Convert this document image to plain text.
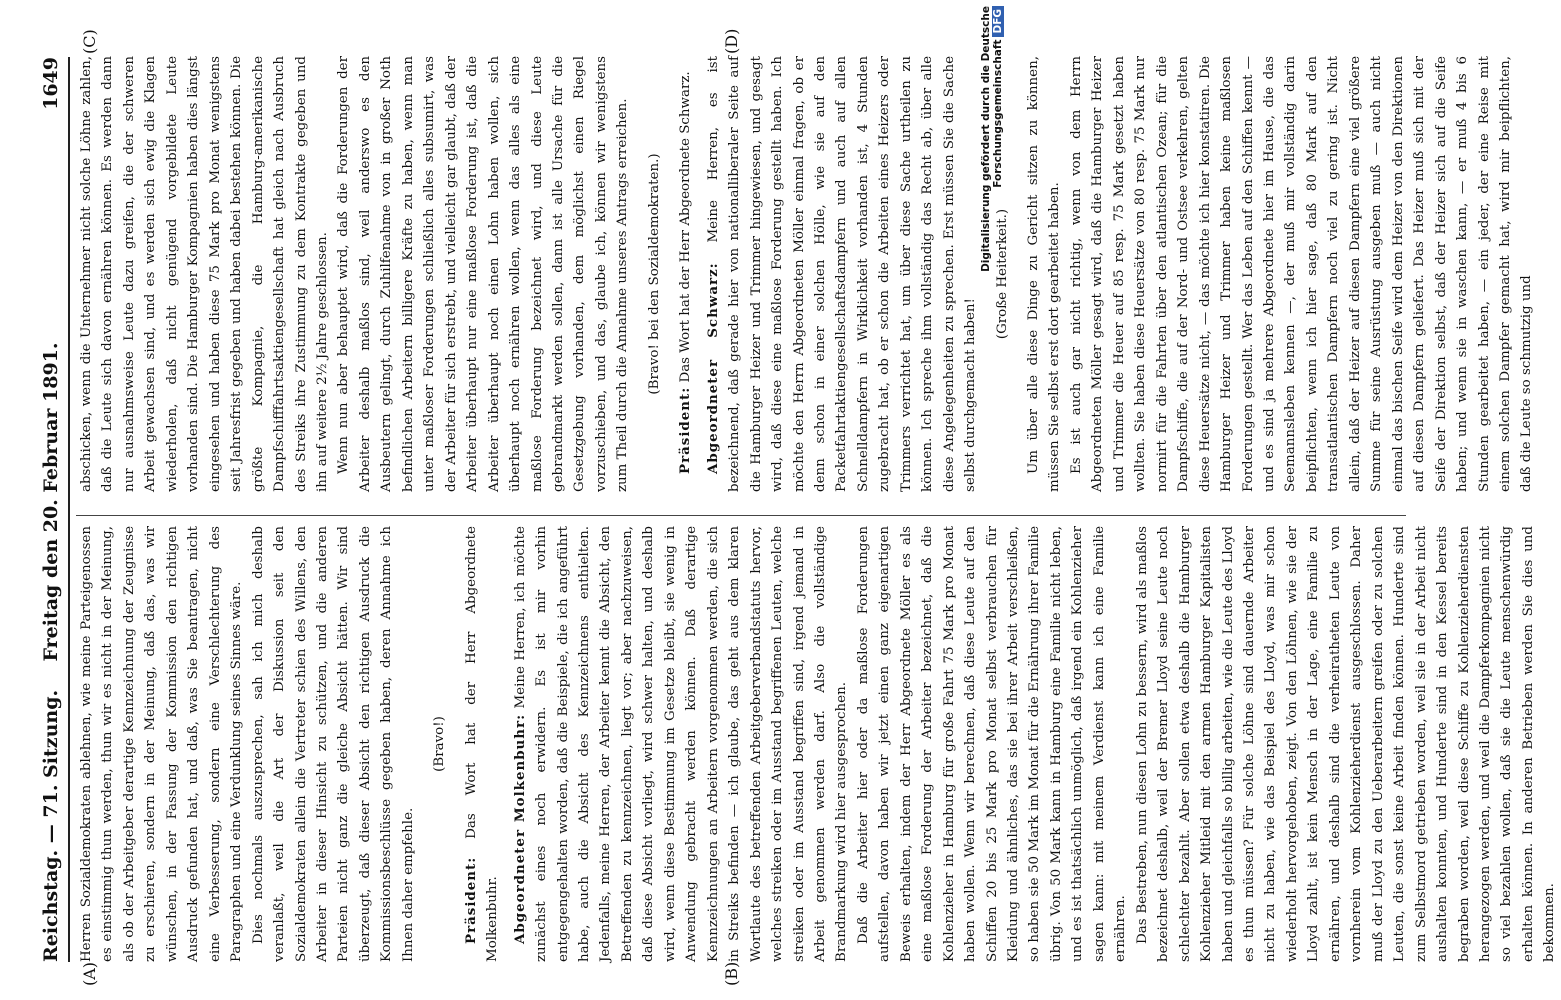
Reichstag. — 71. Sitzung.
Freitag den 20. Februar 1891.
1649
(A)	(B)
(C)	(D)

Herren Sozialdemokraten ablehnen, wie meine Parteigenossen es einstimmig thun werden, thun wir es nicht in der Meinung, als ob der Arbeitgeber derartige Kennzeichnung der Zeugnisse zu erschieren, sondern in der Meinung, daß das, was wir wünschen, in der Fassung der Kommission den richtigen Ausdruck gefunden hat, und daß, was Sie beantragen, nicht eine Verbesserung, sondern eine Verschlechterung des Paragraphen und eine Verdunklung seines Sinnes wäre. Dies nochmals auszusprechen, sah ich mich deshalb veranlaßt, weil die Art der Diskussion seit den Sozialdemokraten allein die Vertreter schien des Willens, den Arbeiter in dieser Hinsicht zu schützen, und die anderen Parteien nicht ganz die gleiche Absicht hätten. Wir sind überzeugt, daß dieser Absicht den richtigen Ausdruck die Kommissionsbeschlüsse gegeben haben, deren Annahme ich Ihnen daher empfehle.

(Bravo!)

Präsident: Das Wort hat der Herr Abgeordnete Molkenbuhr. Abgeordneter Molkenbuhr: Meine Herren, ich möchte zunächst eines noch erwidern. Es ist mir vorhin entgegengehalten worden, daß die Beispiele, die ich angeführt habe, auch die Absicht des Kennzeichnens enthielten. Jedenfalls, meine Herren, der Arbeiter kennt die Absicht, den Betreffenden zu kennzeichnen, liegt vor; aber nachzuweisen, daß diese Absicht vorliegt, wird schwer halten, und deshalb wird, wenn diese Bestimmung im Gesetze bleibt, sie wenig in Anwendung gebracht werden können. Daß derartige Kennzeichnungen an Arbeitern vorgenommen werden, die sich in Streiks befinden — ich glaube, das geht aus dem klaren Wortlaute des betreffenden Arbeitgeberverbandstatuts hervor, welches streiken oder im Ausstand begriffenen Leuten, welche streiken oder im Ausstand begriffen sind, irgend jemand in Arbeit genommen werden darf. Also die vollständige Brandmarkung wird hier ausgesprochen. Daß die Arbeiter hier oder da maßlose Forderungen aufstellen, davon haben wir jetzt einen ganz eigenartigen Beweis erhalten, indem der Herr Abgeordnete Möller es als eine maßlose Forderung der Arbeiter bezeichnet, daß die Kohlenzieher in Hamburg für große Fahrt 75 Mark pro Monat haben wollen. Wenn wir berechnen, daß diese Leute auf den Schiffen 20 bis 25 Mark pro Monat selbst verbrauchen für Kleidung und ähnliches, das sie bei ihrer Arbeit verschleißen, so haben sie 50 Mark im Monat für die Ernährung ihrer Familie übrig. Von 50 Mark kann in Hamburg eine Familie nicht leben, und es ist thatsächlich unmöglich, daß irgend ein Kohlenzieher sagen kann: mit meinem Verdienst kann ich eine Familie ernähren. Das Bestreben, nun diesen Lohn zu bessern, wird als maßlos bezeichnet deshalb, weil der Bremer Lloyd seine Leute noch schlechter bezahlt. Aber sollen etwa deshalb die Hamburger Kohlenzieher Mitleid mit den armen Hamburger Kapitalisten haben und gleichfalls so billig arbeiten, wie die Leute des Lloyd es thun müssen? Für solche Löhne sind dauernde Arbeiter nicht zu haben, wie das Beispiel des Lloyd, was mir schon wiederholt hervorgehoben, zeigt. Von den Löhnen, wie sie der Lloyd zahlt, ist kein Mensch in der Lage, eine Familie zu ernähren, und deshalb sind die verheiratheten Leute von vornherein vom Kohlenzieherdienst ausgeschlossen. Daher muß der Lloyd zu den Ueberarbeitern greifen oder zu solchen Leuten, die sonst keine Arbeit finden können. Hunderte sind zum Selbstmord getrieben worden, weil sie in der Arbeit nicht aushalten konnten, und Hunderte sind in den Kessel bereits begraben worden, weil diese Schiffe zu Kohlenzieherdiensten herangezogen werden, und weil die Dampferkompagnien nicht so viel bezahlen wollen, daß sie die Leute menschenwürdig erhalten können. In anderen Betrieben werden Sie dies und bekommen.

abschicken, wenn die Unternehmer nicht solche Löhne zahlen, daß die Leute sich davon ernähren können. Es werden dann nur ausnahmsweise Leute dazu greifen, die der schweren Arbeit gewachsen sind, und es werden sich ewig die Klagen wiederholen, daß nicht genügend vorgebildete Leute vorhanden sind. Die Hamburger Kompagnien haben dies längst eingesehen und haben diese 75 Mark pro Monat wenigstens seit Jahresfrist gegeben und haben dabei bestehen können. Die größte Kompagnie, die Hamburg-amerikanische Dampfschifffahrtsaktiengesellschaft hat gleich nach Ausbruch des Streiks ihre Zustimmung zu dem Kontrakte gegeben und ihn auf weitere 2½ Jahre geschlossen. Wenn nun aber behauptet wird, daß die Forderungen der Arbeiter deshalb maßlos sind, weil anderswo es den Ausbeutern gelingt, durch Zuhilfenahme von in großer Noth befindlichen Arbeitern billigere Kräfte zu haben, wenn man unter maßloser Forderungen schließlich alles subsumirt, was der Arbeiter für sich erstrebt, und vielleicht gar glaubt, daß der Arbeiter überhaupt nur eine maßlose Forderung ist, daß die Arbeiter überhaupt noch einen Lohn haben wollen, sich überhaupt noch ernähren wollen, wenn das alles als eine maßlose Forderung bezeichnet wird, und diese Leute gebrandmarkt werden sollen, dann ist alle Ursache für die Gesetzgebung vorhanden, dem möglichst einen Riegel vorzuschieben, und das, glaube ich, können wir wenigstens zum Theil durch die Annahme unseres Antrags erreichen. (Bravo! bei den Sozialdemokraten.)

Präsident: Das Wort hat der Herr Abgeordnete Schwarz. Abgeordneter Schwarz: Meine Herren, es ist bezeichnend, daß gerade hier von nationalliberaler Seite auf die Hamburger Heizer und Trimmer hingewiesen, und gesagt wird, daß diese eine maßlose Forderung gestellt haben. Ich möchte den Herrn Abgeordneten Möller einmal fragen, ob er denn schon in einer solchen Hölle, wie sie auf den Packetfahrtaktiengesellschaftsdampfern und auch auf allen Schnelldampfern in Wirklichkeit vorhanden ist, 4 Stunden zugebracht hat, ob er schon die Arbeiten eines Heizers oder Trimmers verrichtet hat, um über diese Sache urtheilen zu können. Ich spreche ihm vollständig das Recht ab, über alle diese Angelegenheiten zu sprechen. Erst müssen Sie die Sache selbst durchgemacht haben!

(Große Heiterkeit.) Um über alle diese Dinge zu Gericht sitzen zu können, müssen Sie selbst erst dort gearbeitet haben. Es ist auch gar nicht richtig, wenn von dem Herrn Abgeordneten Möller gesagt wird, daß die Hamburger Heizer und Trimmer die Heuer auf 85 resp. 75 Mark gesetzt haben wollten. Sie haben diese Heuersätze von 80 resp. 75 Mark nur normirt für die Fahrten über den atlantischen Ozean; für die Dampfschiffe, die auf der Nord- und Ostsee verkehren, gelten diese Heuersätze nicht, — das möchte ich hier konstatiren. Die Hamburger Heizer und Trimmer haben keine maßlosen Forderungen gestellt. Wer das Leben auf den Schiffen kennt — und es sind ja mehrere Abgeordnete hier im Hause, die das Seemannsleben kennen —, der muß mir vollständig darin beipflichten, wenn ich hier sage, daß 80 Mark auf den transatlantischen Dampfern noch viel zu gering ist. Nicht allein, daß der Heizer auf diesen Dampfern eine viel größere Summe für seine Ausrüstung ausgeben muß — auch nicht einmal das bischen Seife wird dem Heizer von den Direktionen auf diesen Dampfern geliefert. Das Heizer muß sich mit der Seife der Direktion selbst, daß der Heizer sich auf die Seife haben; und wenn sie in waschen kann, — er muß 4 bis 6 Stunden gearbeitet haben, — ein jeder, der eine Reise mit einem solchen Dampfer gemacht hat, wird mir beipflichten, daß die Leute so schmutzig und

Digitalisierung gefördert durch die Deutsche ForschungsgemeinschaftDFG
